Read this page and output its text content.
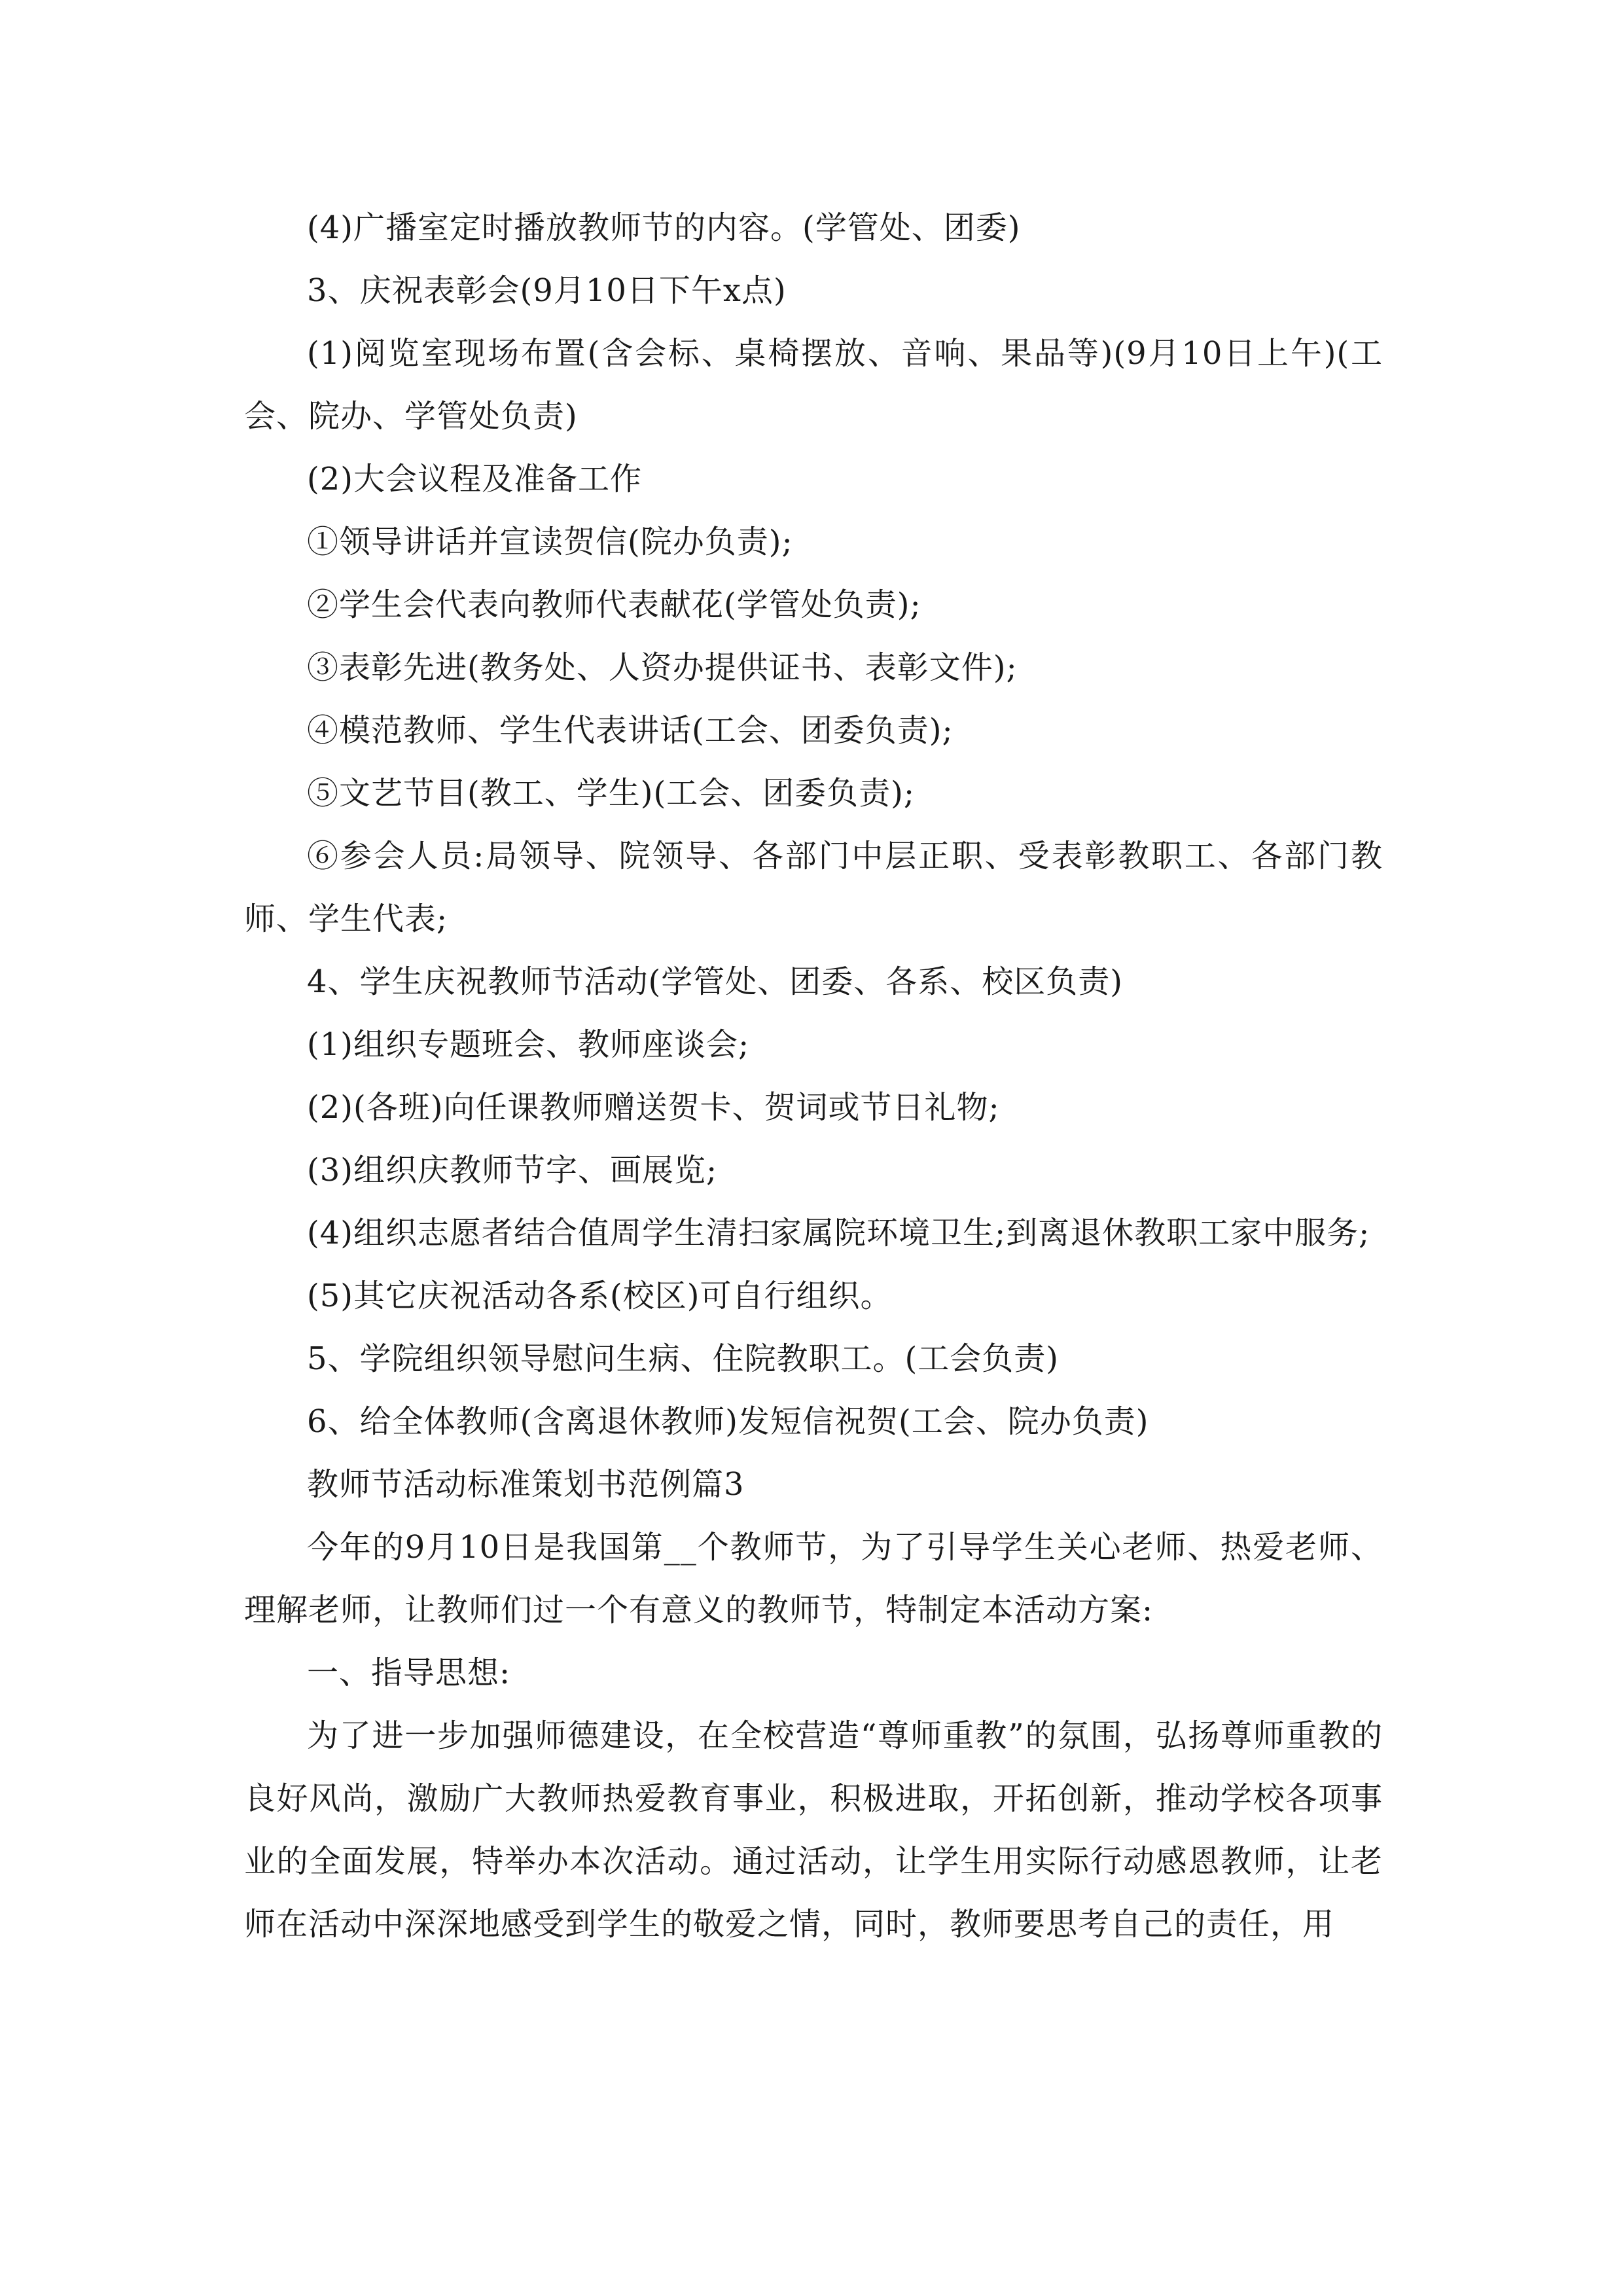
(4)广播室定时播放教师节的内容。(学管处、团委)

3、庆祝表彰会(9月10日下午x点)

(1)阅览室现场布置(含会标、桌椅摆放、音响、果品等)(9月10日上午)(工会、院办、学管处负责)

(2)大会议程及准备工作

①领导讲话并宣读贺信(院办负责);

②学生会代表向教师代表献花(学管处负责);

③表彰先进(教务处、人资办提供证书、表彰文件);

④模范教师、学生代表讲话(工会、团委负责);

⑤文艺节目(教工、学生)(工会、团委负责);

⑥参会人员:局领导、院领导、各部门中层正职、受表彰教职工、各部门教师、学生代表;

4、学生庆祝教师节活动(学管处、团委、各系、校区负责)

(1)组织专题班会、教师座谈会;

(2)(各班)向任课教师赠送贺卡、贺词或节日礼物;

(3)组织庆教师节字、画展览;

(4)组织志愿者结合值周学生清扫家属院环境卫生;到离退休教职工家中服务;

(5)其它庆祝活动各系(校区)可自行组织。

5、学院组织领导慰问生病、住院教职工。(工会负责)

6、给全体教师(含离退休教师)发短信祝贺(工会、院办负责)

教师节活动标准策划书范例篇3

今年的9月10日是我国第__个教师节，为了引导学生关心老师、热爱老师、理解老师，让教师们过一个有意义的教师节，特制定本活动方案:

一、指导思想:

为了进一步加强师德建设，在全校营造“尊师重教”的氛围，弘扬尊师重教的良好风尚，激励广大教师热爱教育事业，积极进取，开拓创新，推动学校各项事业的全面发展，特举办本次活动。通过活动，让学生用实际行动感恩教师，让老师在活动中深深地感受到学生的敬爱之情，同时，教师要思考自己的责任，用
